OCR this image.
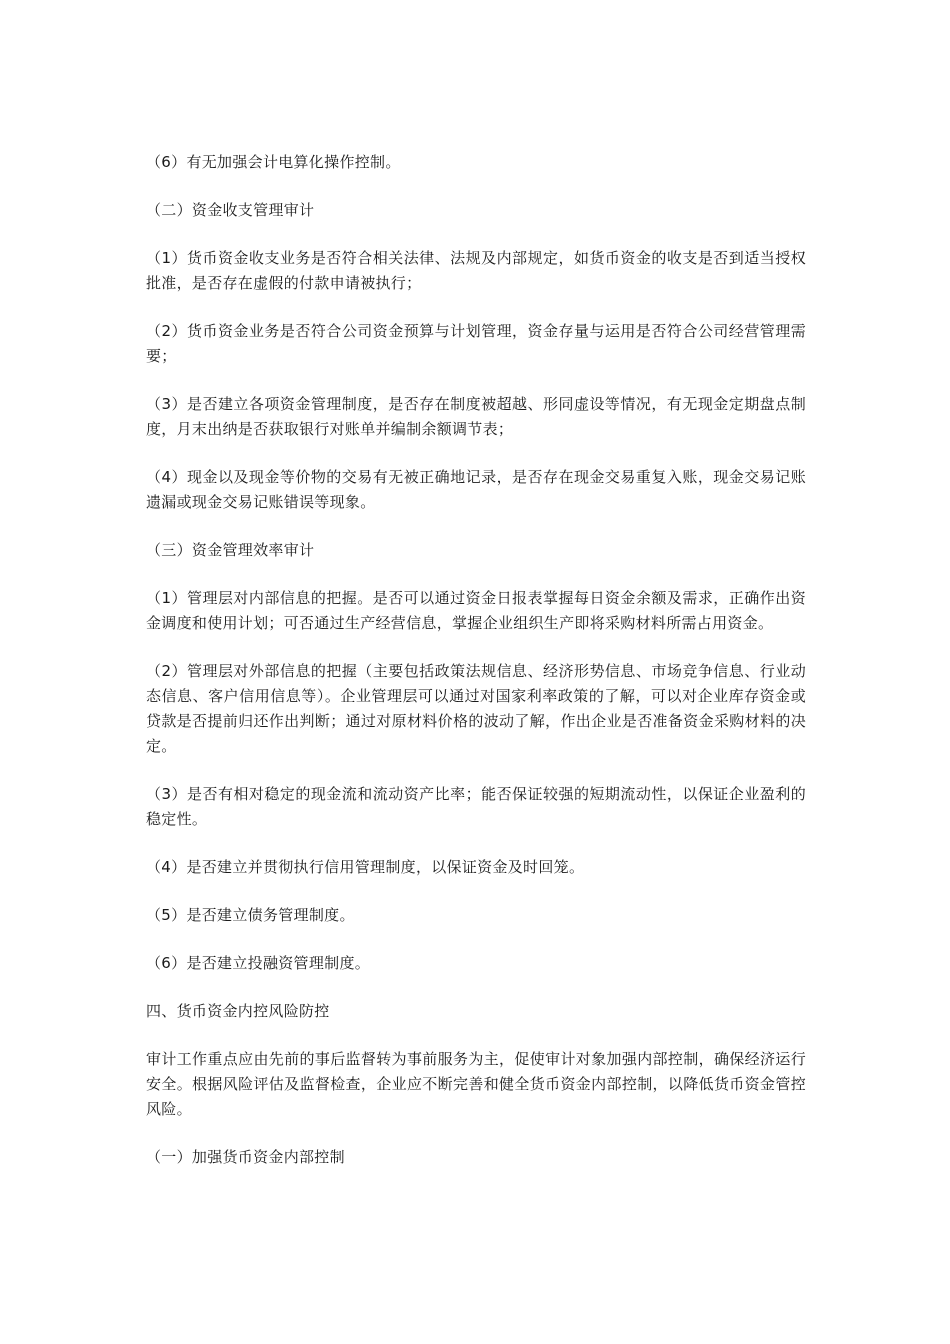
（6）有无加强会计电算化操作控制。

（二）资金收支管理审计

（1）货币资金收支业务是否符合相关法律、法规及内部规定，如货币资金的收支是否到适当授权批准，是否存在虚假的付款申请被执行；

（2）货币资金业务是否符合公司资金预算与计划管理，资金存量与运用是否符合公司经营管理需要；

（3）是否建立各项资金管理制度，是否存在制度被超越、形同虚设等情况，有无现金定期盘点制度，月末出纳是否获取银行对账单并编制余额调节表；

（4）现金以及现金等价物的交易有无被正确地记录，是否存在现金交易重复入账，现金交易记账遗漏或现金交易记账错误等现象。

（三）资金管理效率审计

（1）管理层对内部信息的把握。是否可以通过资金日报表掌握每日资金余额及需求，正确作出资金调度和使用计划；可否通过生产经营信息，掌握企业组织生产即将采购材料所需占用资金。

（2）管理层对外部信息的把握（主要包括政策法规信息、经济形势信息、市场竞争信息、行业动态信息、客户信用信息等）。企业管理层可以通过对国家利率政策的了解，可以对企业库存资金或贷款是否提前归还作出判断；通过对原材料价格的波动了解，作出企业是否准备资金采购材料的决定。

（3）是否有相对稳定的现金流和流动资产比率；能否保证较强的短期流动性，以保证企业盈利的稳定性。

（4）是否建立并贯彻执行信用管理制度，以保证资金及时回笼。

（5）是否建立债务管理制度。

（6）是否建立投融资管理制度。

四、货币资金内控风险防控

审计工作重点应由先前的事后监督转为事前服务为主，促使审计对象加强内部控制，确保经济运行安全。根据风险评估及监督检查，企业应不断完善和健全货币资金内部控制，以降低货币资金管控风险。

（一）加强货币资金内部控制
